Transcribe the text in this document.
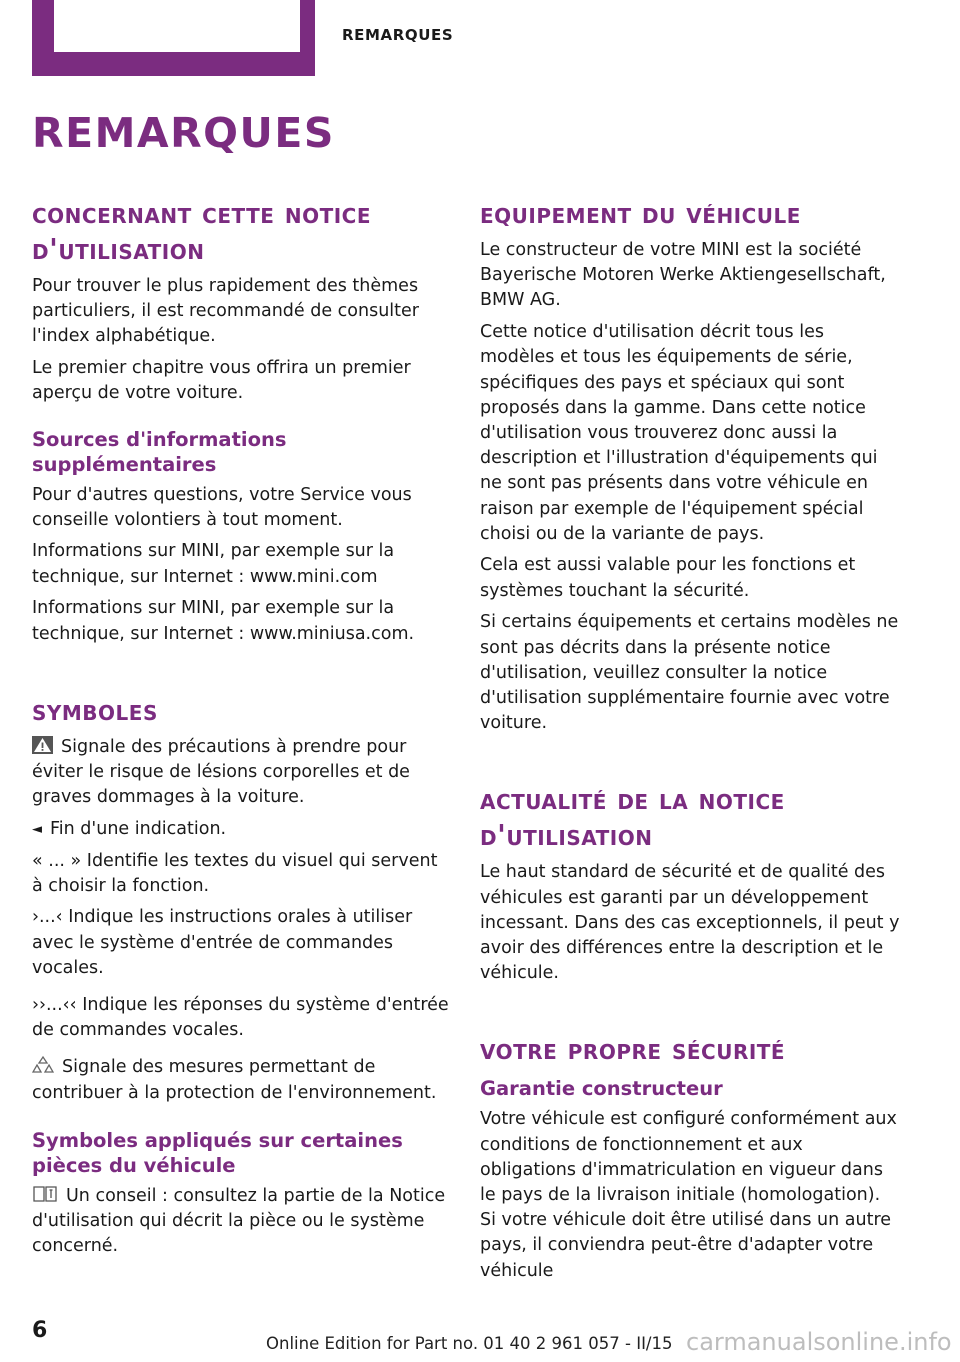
REMARQUES
REMARQUES
concernant cette notice d'utilisation

Pour trouver le plus rapidement des thèmes particuliers, il est recommandé de consulter l'index alphabétique.

Le premier chapitre vous offrira un premier aperçu de votre voiture.

Sources d'informations supplémentaires

Pour d'autres questions, votre Service vous conseille volontiers à tout moment.

Informations sur MINI, par exemple sur la technique, sur Internet : www.mini.com

Informations sur MINI, par exemple sur la technique, sur Internet : www.miniusa.com.

symboles

Signale des précautions à prendre pour éviter le risque de lésions corporelles et de graves dommages à la voiture.

◄ Fin d'une indication.

« ... » Identifie les textes du visuel qui servent à choisir la fonction.

›...‹ Indique les instructions orales à utiliser avec le système d'entrée de commandes vocales.

››...‹‹ Indique les réponses du système d'entrée de commandes vocales.

Signale des mesures permettant de contribuer à la protection de l'environnement.

Symboles appliqués sur certaines pièces du véhicule

Un conseil : consultez la partie de la Notice d'utilisation qui décrit la pièce ou le système concerné.

equipement du véhicule

Le constructeur de votre MINI est la société Bayerische Motoren Werke Aktiengesellschaft, BMW AG.

Cette notice d'utilisation décrit tous les modèles et tous les équipements de série, spécifiques des pays et spéciaux qui sont proposés dans la gamme. Dans cette notice d'utilisation vous trouverez donc aussi la description et l'illustration d'équipements qui ne sont pas présents dans votre véhicule en raison par exemple de l'équipement spécial choisi ou de la variante de pays.

Cela est aussi valable pour les fonctions et systèmes touchant la sécurité.

Si certains équipements et certains modèles ne sont pas décrits dans la présente notice d'utilisation, veuillez consulter la notice d'utilisation supplémentaire fournie avec votre voiture.

actualité de la notice d'utilisation

Le haut standard de sécurité et de qualité des véhicules est garanti par un développement incessant. Dans des cas exceptionnels, il peut y avoir des différences entre la description et le véhicule.

votre propre sécurité
Garantie constructeur

Votre véhicule est configuré conformément aux conditions de fonctionnement et aux obligations d'immatriculation en vigueur dans le pays de la livraison initiale (homologation). Si votre véhicule doit être utilisé dans un autre pays, il conviendra peut-être d'adapter votre véhicule

6
Online Edition for Part no. 01 40 2 961 057 - II/15 carmanualsonline.info
